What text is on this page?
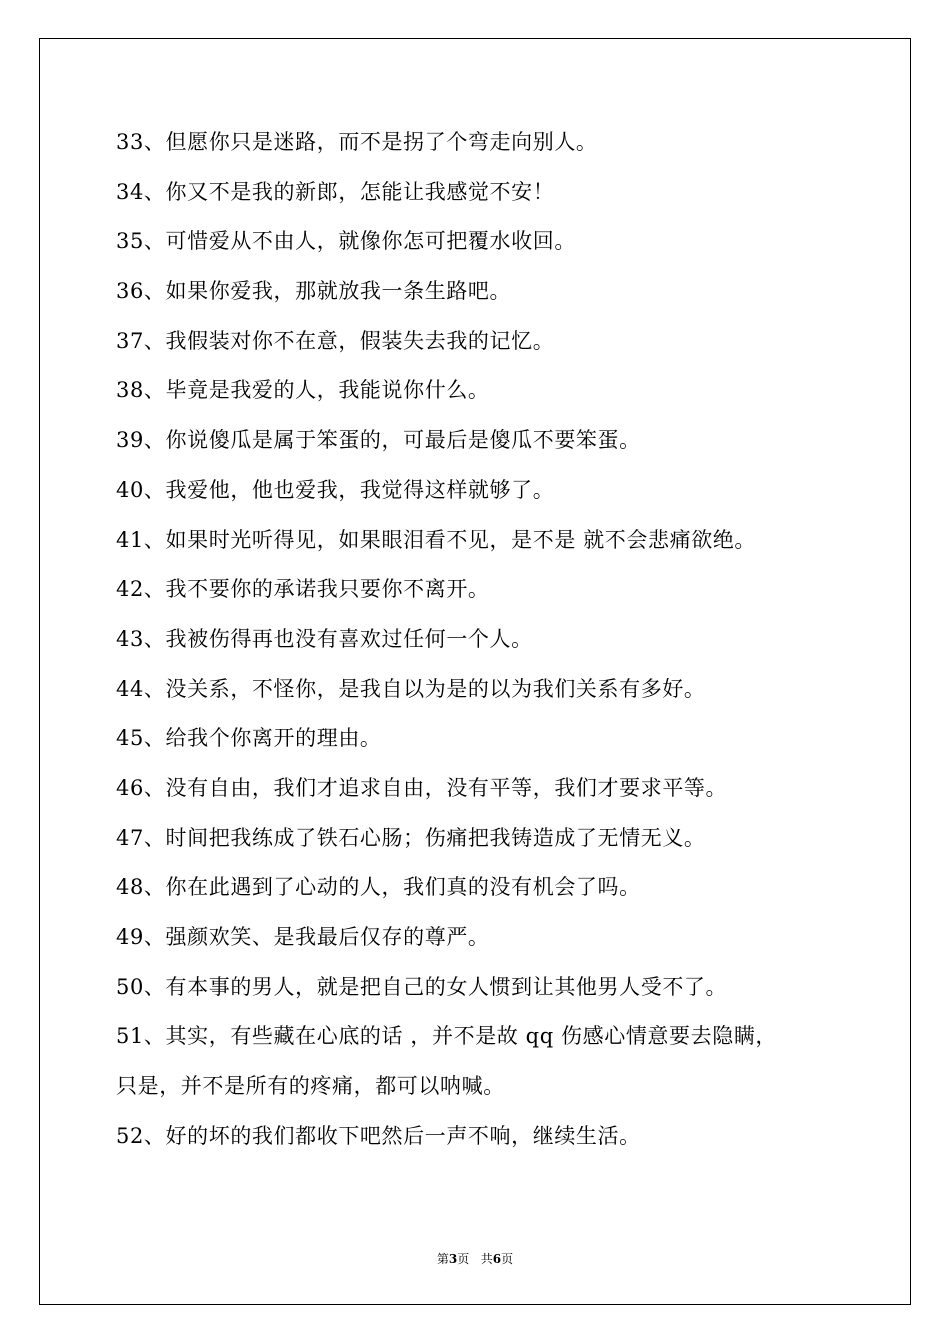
33、但愿你只是迷路，而不是拐了个弯走向别人。
34、你又不是我的新郎，怎能让我感觉不安！
35、可惜爱从不由人，就像你怎可把覆水收回。
36、如果你爱我，那就放我一条生路吧。
37、我假装对你不在意，假装失去我的记忆。
38、毕竟是我爱的人，我能说你什么。
39、你说傻瓜是属于笨蛋的，可最后是傻瓜不要笨蛋。
40、我爱他，他也爱我，我觉得这样就够了。
41、如果时光听得见，如果眼泪看不见，是不是 就不会悲痛欲绝。
42、我不要你的承诺我只要你不离开。
43、我被伤得再也没有喜欢过任何一个人。
44、没关系，不怪你，是我自以为是的以为我们关系有多好。
45、给我个你离开的理由。
46、没有自由，我们才追求自由，没有平等，我们才要求平等。
47、时间把我练成了铁石心肠；伤痛把我铸造成了无情无义。
48、你在此遇到了心动的人，我们真的没有机会了吗。
49、强颜欢笑、是我最后仅存的尊严。
50、有本事的男人，就是把自己的女人惯到让其他男人受不了。
51、其实，有些藏在心底的话 ，并不是故 qq 伤感心情意要去隐瞒，
只是，并不是所有的疼痛，都可以呐喊。
52、好的坏的我们都收下吧然后一声不响，继续生活。
第3页 共6页
